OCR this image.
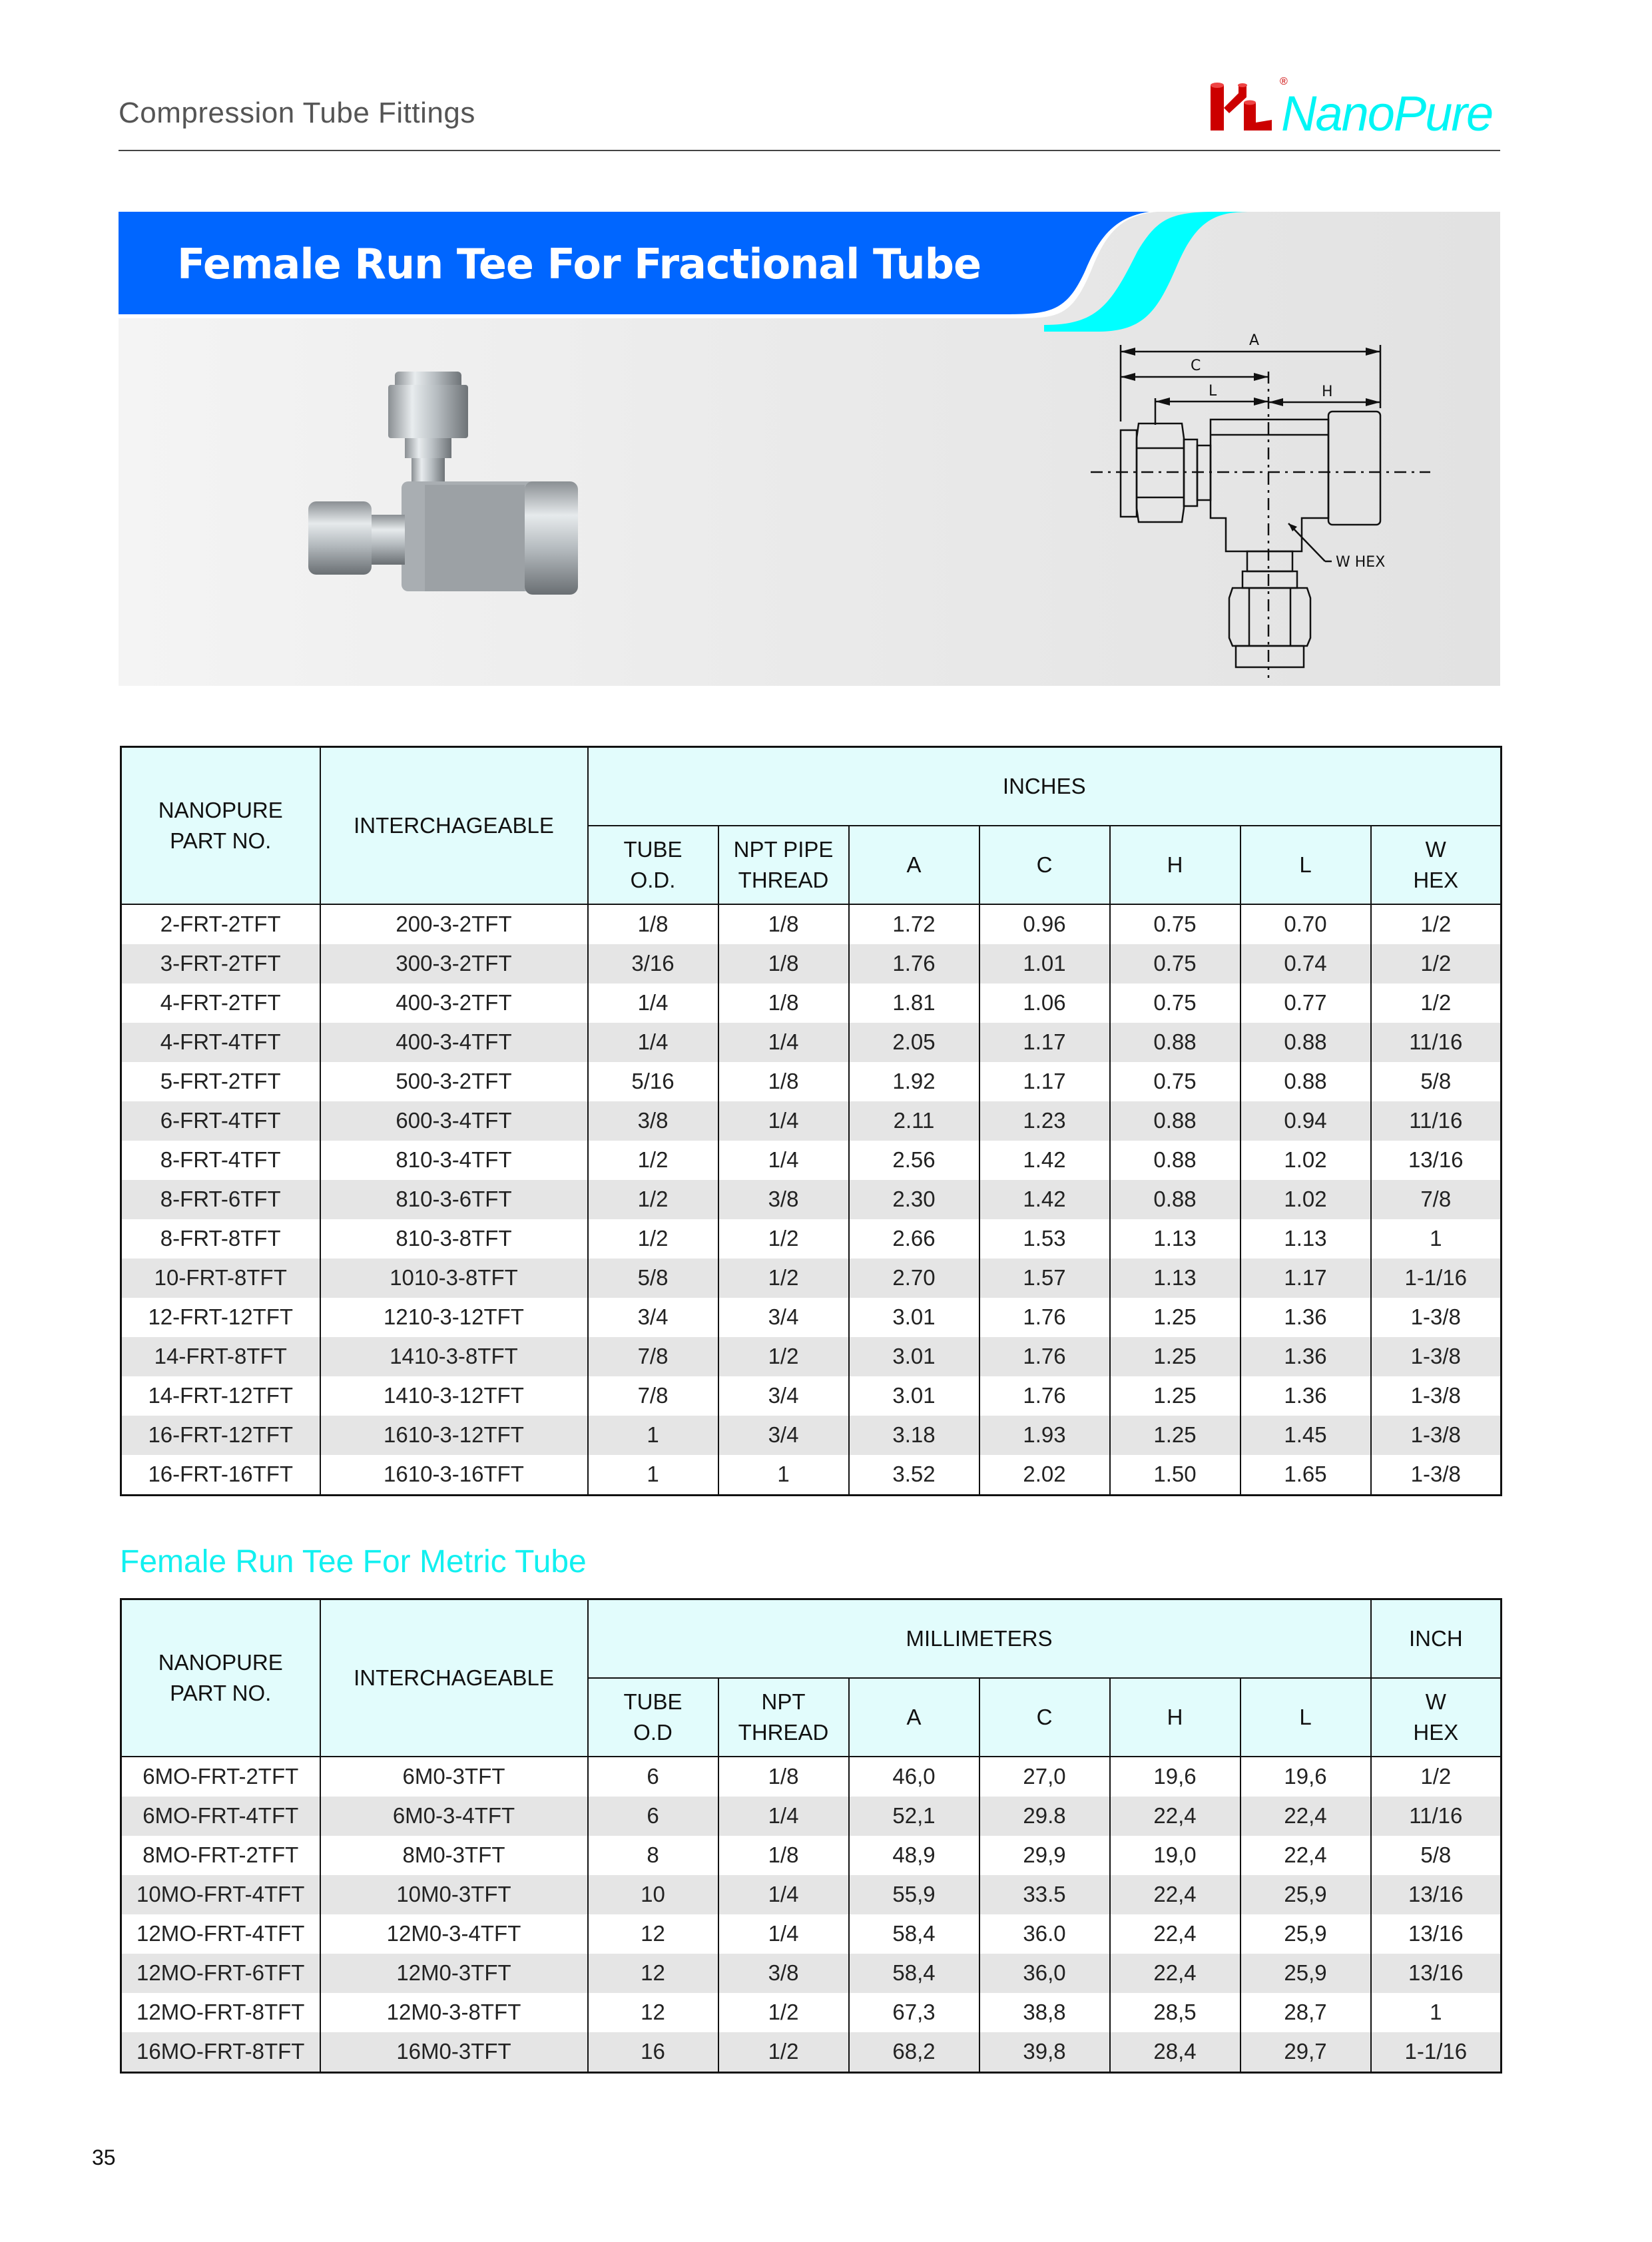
Compression Tube Fittings
®
NanoPure
Female Run Tee For Fractional Tube
A
C
L	H
W HEX
NANOPURE PART NO.	INTERCHAGEABLE	INCHES						
		TUBE O.D.	NPT PIPE THREAD	A	C	H	L	W HEX
2-FRT-2TFT	200-3-2TFT	1/8	1/8	1.72	0.96	0.75	0.70	1/2
3-FRT-2TFT	300-3-2TFT	3/16	1/8	1.76	1.01	0.75	0.74	1/2
4-FRT-2TFT	400-3-2TFT	1/4	1/8	1.81	1.06	0.75	0.77	1/2
4-FRT-4TFT	400-3-4TFT	1/4	1/4	2.05	1.17	0.88	0.88	11/16
5-FRT-2TFT	500-3-2TFT	5/16	1/8	1.92	1.17	0.75	0.88	5/8
6-FRT-4TFT	600-3-4TFT	3/8	1/4	2.11	1.23	0.88	0.94	11/16
8-FRT-4TFT	810-3-4TFT	1/2	1/4	2.56	1.42	0.88	1.02	13/16
8-FRT-6TFT	810-3-6TFT	1/2	3/8	2.30	1.42	0.88	1.02	7/8
8-FRT-8TFT	810-3-8TFT	1/2	1/2	2.66	1.53	1.13	1.13	1
10-FRT-8TFT	1010-3-8TFT	5/8	1/2	2.70	1.57	1.13	1.17	1-1/16
12-FRT-12TFT	1210-3-12TFT	3/4	3/4	3.01	1.76	1.25	1.36	1-3/8
14-FRT-8TFT	1410-3-8TFT	7/8	1/2	3.01	1.76	1.25	1.36	1-3/8
14-FRT-12TFT	1410-3-12TFT	7/8	3/4	3.01	1.76	1.25	1.36	1-3/8
16-FRT-12TFT	1610-3-12TFT	1	3/4	3.18	1.93	1.25	1.45	1-3/8
16-FRT-16TFT	1610-3-16TFT	1	1	3.52	2.02	1.50	1.65	1-3/8
Female Run Tee For Metric Tube
NANOPURE PART NO.	INTERCHAGEABLE	MILLIMETERS						INCH
		TUBE O.D	NPT THREAD	A	C	H	L	W HEX
6MO-FRT-2TFT	6M0-3TFT	6	1/8	46,0	27,0	19,6	19,6	1/2
6MO-FRT-4TFT	6M0-3-4TFT	6	1/4	52,1	29.8	22,4	22,4	11/16
8MO-FRT-2TFT	8M0-3TFT	8	1/8	48,9	29,9	19,0	22,4	5/8
10MO-FRT-4TFT	10M0-3TFT	10	1/4	55,9	33.5	22,4	25,9	13/16
12MO-FRT-4TFT	12M0-3-4TFT	12	1/4	58,4	36.0	22,4	25,9	13/16
12MO-FRT-6TFT	12M0-3TFT	12	3/8	58,4	36,0	22,4	25,9	13/16
12MO-FRT-8TFT	12M0-3-8TFT	12	1/2	67,3	38,8	28,5	28,7	1
16MO-FRT-8TFT	16M0-3TFT	16	1/2	68,2	39,8	28,4	29,7	1-1/16
35
